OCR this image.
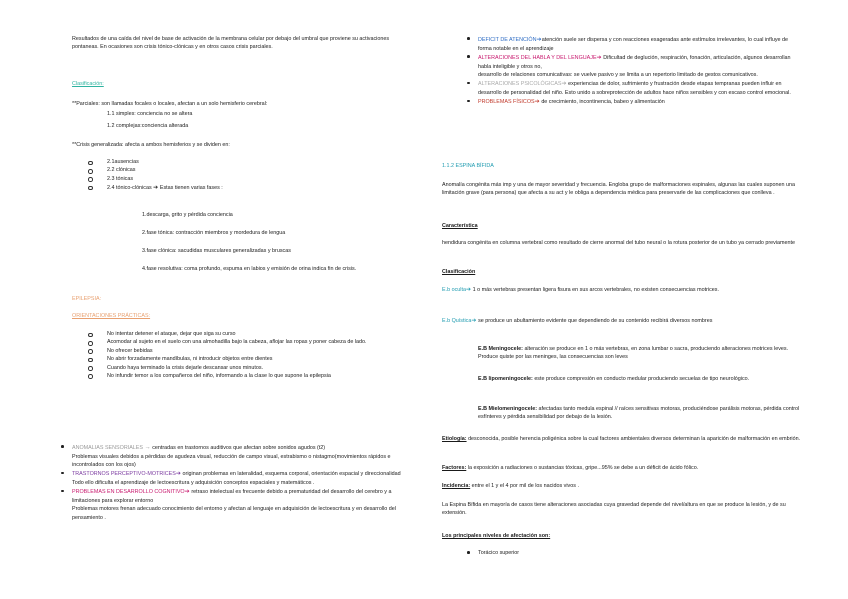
Resultados de una caída del nivel de base de activación de la membrana celular por debajo del umbral que proviene su activaciones pontaneas. En ocasiones son crisis tónico-clónicas y en otros casos crisis parciales.

Clasificación:

**Parciales: son llamadas focales o locales, afectan a un solo hemisferio cerebral:

1.1 simples: conciencia no se altera

1.2 complejas:conciencia alterada

**Crisis generalizada: afecta a ambos hemisferios y se dividen en:

2.1ausencias

2.2 clónicas

2.3 tónicas

2.4 tónico-clónicas ➔ Estas tienen varias fases :

1.descarga, grito y pérdida conciencia

2.fase tónica: contracción miembros y mordedura de lengua

3.fase clónica: sacudidas musculares generalizadas y bruscas

4.fase resolutiva: coma profundo, espuma en labios y emisión de orina indica fin de crisis.

EPILEPSIA:

ORIENTACIONES PRÁCTICAS:

No intentar detener el ataque, dejar que siga su curso

Acomodar al sujeto en el suelo con una almohadilla bajo la cabeza, aflojar las ropas y poner cabeza de lado.

No ofrecer bebidas

No abrir forzadamente mandíbulas, ni introducir objetos entre dientes

Cuando haya terminado la crisis dejarle descansar unos minutos.

No infundir temor a los compañeros del niño, informando a la clase lo que supone la epilepsia

ANOMALIAS SENSORIALES → centradas en trastornos auditivos que afectan sobre sonidos agudos (t2)

Problemas visuales debidos a pérdidas de agudeza visual, reducción de campo visual, estrabismo o nistagmo(movimientos rápidos e incontrolados con los ojos)

TRASTORNOS PERCEPTIVO-MOTRICES➔ originan problemas en lateralidad, esquema corporal, orientación espacial y direccionalidad

Todo ello dificulta el aprendizaje de lectoescritura y adquisición conceptos espaciales y matemáticos .

PROBLEMAS EN DESARROLLO COGNITIVO➔ retraso intelectual es frecuente debido a prematuridad del desarrollo del cerebro y a limitaciones para explorar entorno

Problemas motores frenan adecuado conocimiento del entorno y afectan al lenguaje en adquisición de lectoescritura y en desarrollo del pensamiento .

DEFICIT DE ATENCIÓN➔atención suele ser dispersa y con reacciones exageradas ante estímulos irrelevantes, lo cual influye de forma notable en el aprendizaje

ALTERACIONES DEL HABLA Y DEL LENGUAJE➔ Dificultad de deglución, respiración, fonación, articulación, algunos desarrollan habla inteligible y otros no,

desarrollo de relaciones comunicativas: se vuelve pasivo y se limita a un repertorio limitado de gestos comunicativos.

ALTERACIONES PSICOLÓGICAS➔ experiencias de dolor, sufrimiento y frustración desde etapas tempranas pueden influir en desarrollo de personalidad del niño. Esto unido a sobreprotección de adultos hace niños sensibles y con escaso control emocional.

PROBLEMAS FÍSICOS➔ de crecimiento, incontinencia, babeo y alimentación

1.1.2 ESPINA BÍFIDA

Anomalía congénita más imp y una de mayor severidad y frecuencia. Engloba grupo de malformaciones espinales, algunas las cuales suponen una limitación grave (para persona) que afecta a su act y le obliga a dependencia médica para preservarle de las complicaciones que conlleva .

Característica

hendidura congénita en columna vertebral como resultado de cierre anormal del tubo neural o la rotura posterior de un tubo ya cerrado previamente

Clasificación

E.b oculta➔ 1 o más vertebras presentan ligera fisura en sus arcos vertebrales, no existen consecuencias motrices.

E.b Quística➔ se produce un abultamiento evidente que dependiendo de su contenido recibirá diversos nombres

E.B Meningocele: alteración se produce en 1 o más vertebras, en zona lumbar o sacra, produciendo alteraciones motrices leves. Produce quiste por las meninges, las consecuencias son leves

E.B lipomeningocele: este produce compresión en conducto medular produciendo secuelas de tipo neurológico.

E.B Mielomeningocele: afectadas tanto medula espinal // raíces sensitivas motoras, produciéndose parálisis motoras, pérdida control esfínteres y pérdida sensibilidad por debajo de la lesión.

Etiología: desconocida, posible herencia poligénica sobre la cual factores ambientales diversos determinan la aparición de malformación en embrión.

Factores: la exposición a radiaciones o sustancias tóxicas, gripe...95% se debe a un déficit de ácido fólico.

Incidencia: entre el 1 y el 4 por mil de los nacidos vivos .

La Espina Bífida en mayoría de casos tiene alteraciones asociadas cuya gravedad depende del nivel/altura en que se produce la lesión, y de su extensión.

Los principales niveles de afectación son:

Torácico superior
